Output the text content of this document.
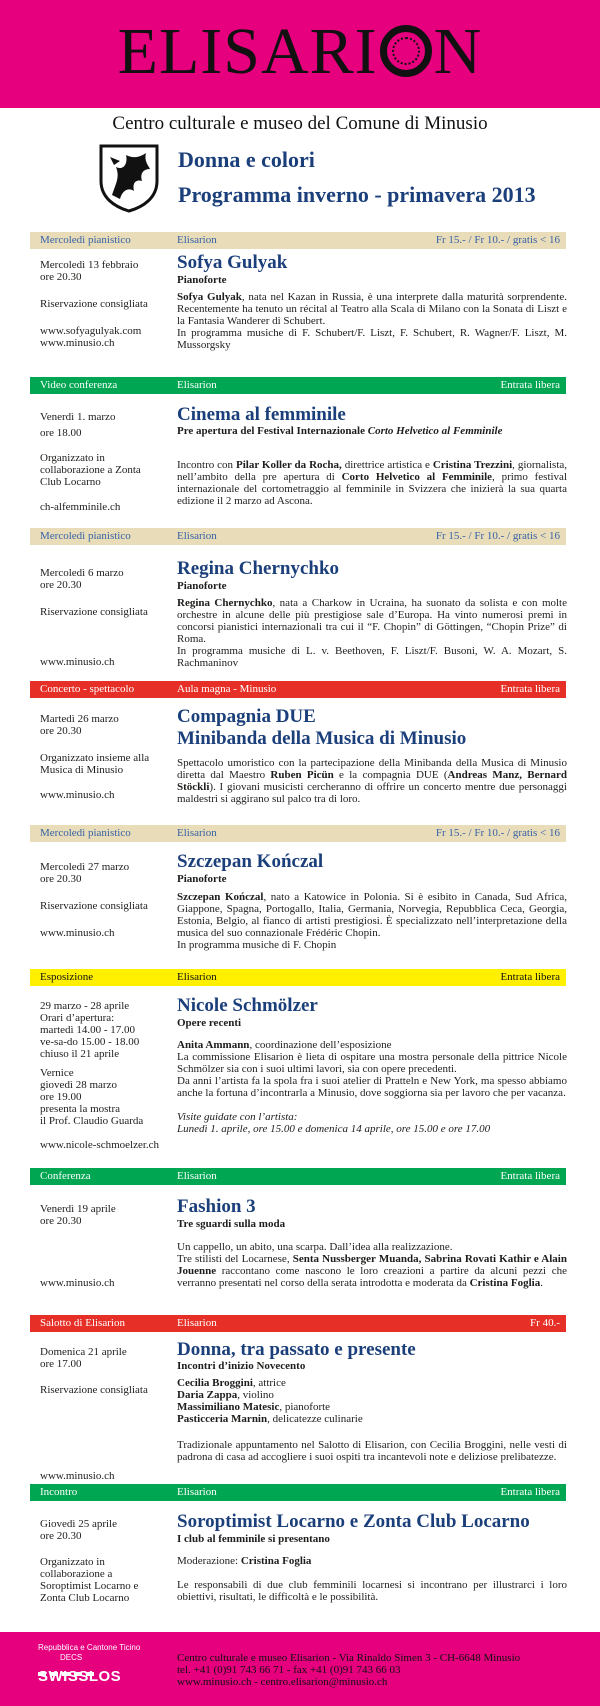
ELISARI N
Centro culturale e museo del Comune di Minusio
Donna e colori
Programma inverno - primavera 2013
Mercoledì pianistico	Elisarion	Fr 15.- / Fr 10.- / gratis < 16
Mercoledì 13 febbraio
ore 20.30
Riservazione consigliata
www.sofyagulyak.com
www.minusio.ch
Sofya Gulyak
Pianoforte

Sofya Gulyak, nata nel Kazan in Russia, è una interprete dalla maturità sorprendente. Recentemente ha tenuto un récital al Teatro alla Scala di Milano con la Sonata di Liszt e la Fantasia Wanderer di Schubert.

In programma musiche di F. Schubert/F. Liszt, F. Schubert, R. Wagner/F. Liszt, M. Mussorgsky

Video conferenza	Elisarion	Entrata libera
Venerdì 1. marzo
ore 18.00
Organizzato in collaborazione a Zonta Club Locarno
ch-alfemminile.ch
Cinema al femminile
Pre apertura del Festival Internazionale Corto Helvetico al Femminile

Incontro con Pilar Koller da Rocha, direttrice artistica e Cristina Trezzini, giornalista, nell’ambito della pre apertura di Corto Helvetico al Femminile, primo festival internazionale del cortometraggio al femminile in Svizzera che inizierà la sua quarta edizione il 2 marzo ad Ascona.

Mercoledì pianistico	Elisarion	Fr 15.- / Fr 10.- / gratis < 16
Mercoledì 6 marzo
ore 20.30
Riservazione consigliata
www.minusio.ch
Regina Chernychko
Pianoforte

Regina Chernychko, nata a Charkow in Ucraina, ha suonato da solista e con molte orchestre in alcune delle più prestigiose sale d’Europa. Ha vinto numerosi premi in concorsi pianistici internazionali tra cui il “F. Chopin” di Göttingen, “Chopin Prize” di Roma.

In programma musiche di L. v. Beethoven, F. Liszt/F. Busoni, W. A. Mozart, S. Rachmaninov

Concerto - spettacolo	Aula magna - Minusio	Entrata libera
Martedì 26 marzo
ore 20.30
Organizzato insieme alla Musica di Minusio
www.minusio.ch
Compagnia DUE
Minibanda della Musica di Minusio

Spettacolo umoristico con la partecipazione della Minibanda della Musica di Minusio diretta dal Maestro Ruben Picün e la compagnia DUE (Andreas Manz, Bernard Stöckli). I giovani musicisti cercheranno di offrire un concerto mentre due personaggi maldestri si aggirano sul palco tra di loro.

Mercoledì pianistico	Elisarion	Fr 15.- / Fr 10.- / gratis < 16
Mercoledì 27 marzo
ore 20.30
Riservazione consigliata
www.minusio.ch
Szczepan Kończal
Pianoforte

Szczepan Kończal, nato a Katowice in Polonia. Si è esibito in Canada, Sud Africa, Giappone, Spagna, Portogallo, Italia, Germania, Norvegia, Repubblica Ceca, Georgia, Estonia, Belgio, al fianco di artisti prestigiosi. È specializzato nell’interpretazione della musica del suo connazionale Frédéric Chopin.

In programma musiche di F. Chopin

Esposizione	Elisarion	Entrata libera
29 marzo - 28 aprile
Orari d’apertura:
martedì 14.00 - 17.00
ve-sa-do 15.00 - 18.00
chiuso il 21 aprile
Vernice
giovedì 28 marzo
ore 19.00
presenta la mostra
il Prof. Claudio Guarda
www.nicole-schmoelzer.ch
Nicole Schmölzer
Opere recenti

Anita Ammann, coordinazione dell’esposizione

La commissione Elisarion è lieta di ospitare una mostra personale della pittrice Nicole Schmölzer sia con i suoi ultimi lavori, sia con opere precedenti.

Da anni l’artista fa la spola fra i suoi atelier di Pratteln e New York, ma spesso abbiamo anche la fortuna d’incontrarla a Minusio, dove soggiorna sia per lavoro che per vacanza.

Visite guidate con l’artista:

Lunedì 1. aprile, ore 15.00 e domenica 14 aprile, ore 15.00 e ore 17.00

Conferenza	Elisarion	Entrata libera
Venerdì 19 aprile
ore 20.30
www.minusio.ch
Fashion 3
Tre sguardi sulla moda

Un cappello, un abito, una scarpa. Dall’idea alla realizzazione.

Tre stilisti del Locarnese, Senta Nussberger Muanda, Sabrina Rovati Kathir e Alain Jouenne raccontano come nascono le loro creazioni a partire da alcuni pezzi che verranno presentati nel corso della serata introdotta e moderata da Cristina Foglia.

Salotto di Elisarion	Elisarion	Fr 40.-
Domenica 21 aprile
ore 17.00
Riservazione consigliata
www.minusio.ch
Donna, tra passato e presente
Incontri d’inizio Novecento

Cecilia Broggini, attrice

Daria Zappa, violino

Massimiliano Matesic, pianoforte

Pasticceria Marnin, delicatezze culinarie

Tradizionale appuntamento nel Salotto di Elisarion, con Cecilia Broggini, nelle vesti di padrona di casa ad accogliere i suoi ospiti tra incantevoli note e deliziose prelibatezze.

Incontro	Elisarion	Entrata libera
Giovedì 25 aprile
ore 20.30
Organizzato in collaborazione a Soroptimist Locarno e Zonta Club Locarno
Soroptimist Locarno e Zonta Club Locarno
I club al femminile si presentano

Moderazione: Cristina Foglia

Le responsabili di due club femminili locarnesi si incontrano per illustrarci i loro obiettivi, risultati, le difficoltà e le possibilità.

Repubblica e Cantone Ticino
DECS
SWISSLOS
Centro culturale e museo Elisarion - Via Rinaldo Simen 3 - CH-6648 Minusio
tel. +41 (0)91 743 66 71 - fax +41 (0)91 743 66 03
www.minusio.ch - centro.elisarion@minusio.ch
